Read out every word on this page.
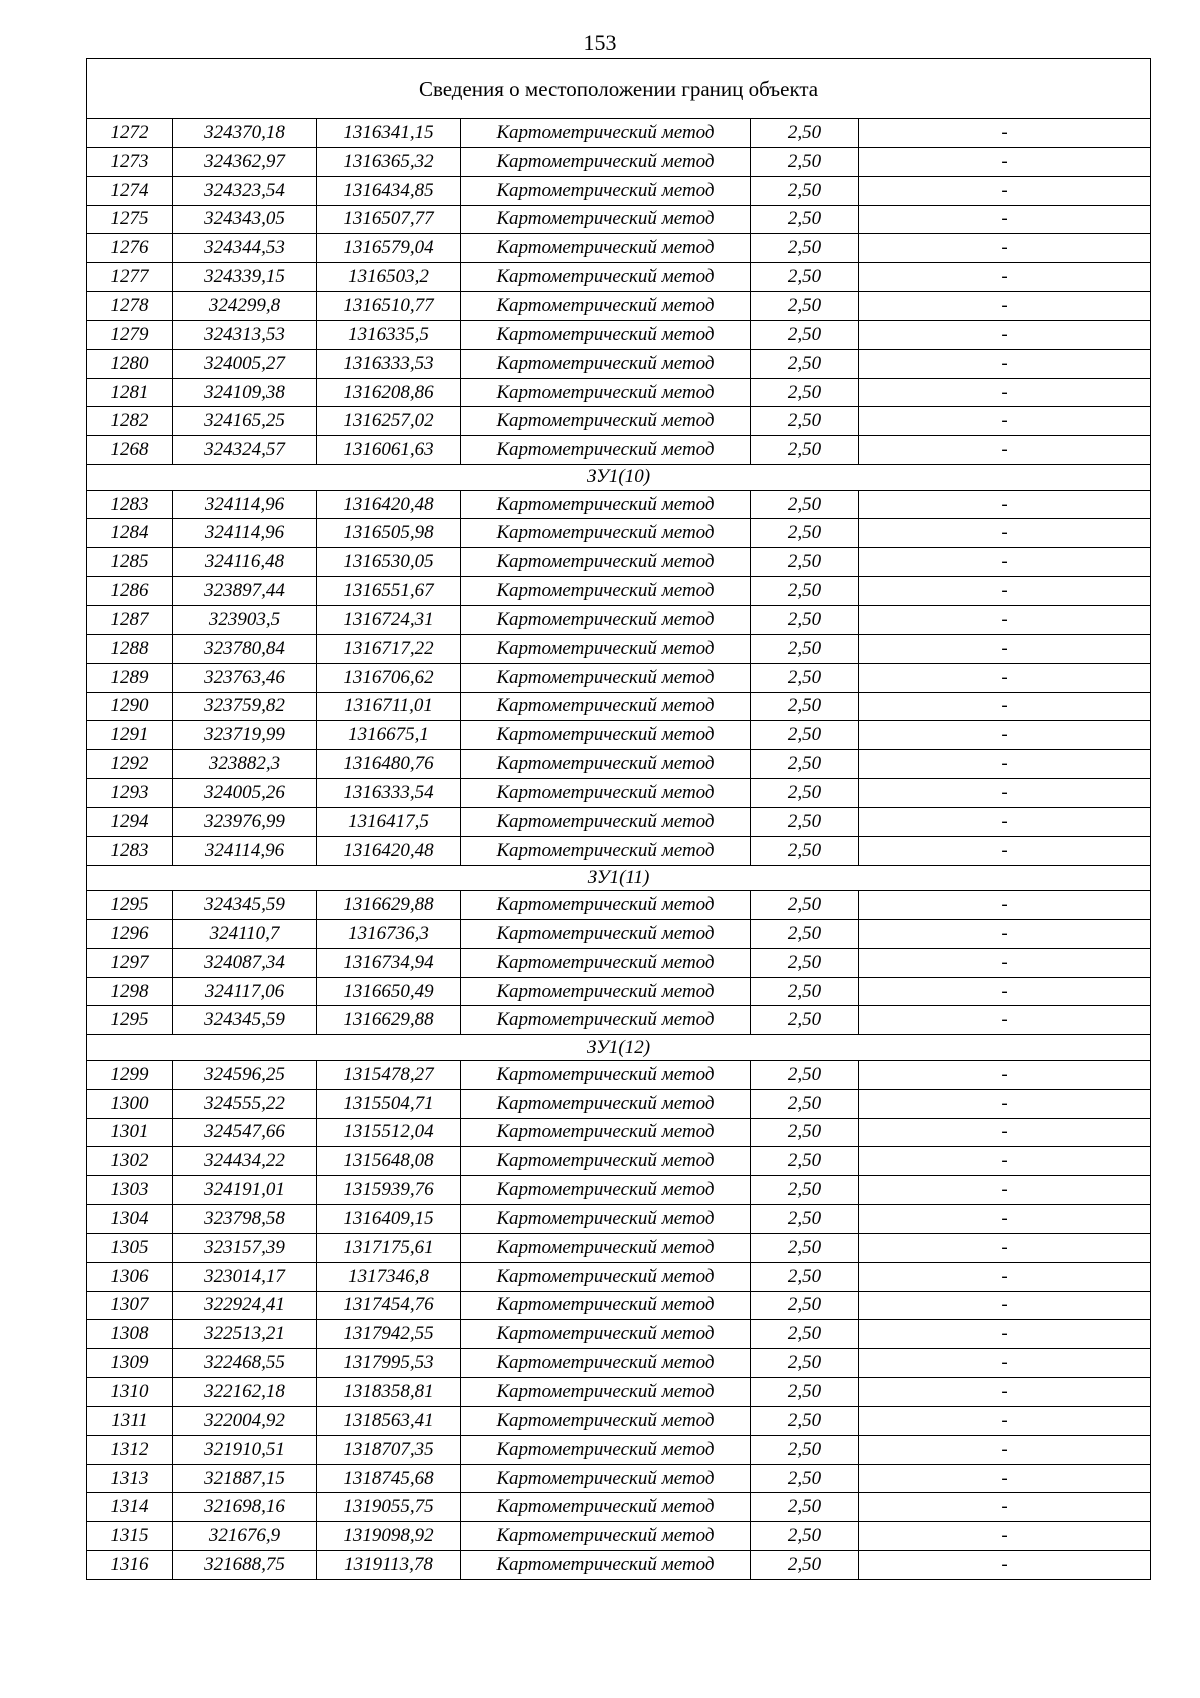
153
Сведения о местоположении границ объекта					
1272	324370,18	1316341,15	Картометрический метод	2,50	-
1273	324362,97	1316365,32	Картометрический метод	2,50	-
1274	324323,54	1316434,85	Картометрический метод	2,50	-
1275	324343,05	1316507,77	Картометрический метод	2,50	-
1276	324344,53	1316579,04	Картометрический метод	2,50	-
1277	324339,15	1316503,2	Картометрический метод	2,50	-
1278	324299,8	1316510,77	Картометрический метод	2,50	-
1279	324313,53	1316335,5	Картометрический метод	2,50	-
1280	324005,27	1316333,53	Картометрический метод	2,50	-
1281	324109,38	1316208,86	Картометрический метод	2,50	-
1282	324165,25	1316257,02	Картометрический метод	2,50	-
1268	324324,57	1316061,63	Картометрический метод	2,50	-
ЗУ1(10)					
1283	324114,96	1316420,48	Картометрический метод	2,50	-
1284	324114,96	1316505,98	Картометрический метод	2,50	-
1285	324116,48	1316530,05	Картометрический метод	2,50	-
1286	323897,44	1316551,67	Картометрический метод	2,50	-
1287	323903,5	1316724,31	Картометрический метод	2,50	-
1288	323780,84	1316717,22	Картометрический метод	2,50	-
1289	323763,46	1316706,62	Картометрический метод	2,50	-
1290	323759,82	1316711,01	Картометрический метод	2,50	-
1291	323719,99	1316675,1	Картометрический метод	2,50	-
1292	323882,3	1316480,76	Картометрический метод	2,50	-
1293	324005,26	1316333,54	Картометрический метод	2,50	-
1294	323976,99	1316417,5	Картометрический метод	2,50	-
1283	324114,96	1316420,48	Картометрический метод	2,50	-
ЗУ1(11)					
1295	324345,59	1316629,88	Картометрический метод	2,50	-
1296	324110,7	1316736,3	Картометрический метод	2,50	-
1297	324087,34	1316734,94	Картометрический метод	2,50	-
1298	324117,06	1316650,49	Картометрический метод	2,50	-
1295	324345,59	1316629,88	Картометрический метод	2,50	-
ЗУ1(12)					
1299	324596,25	1315478,27	Картометрический метод	2,50	-
1300	324555,22	1315504,71	Картометрический метод	2,50	-
1301	324547,66	1315512,04	Картометрический метод	2,50	-
1302	324434,22	1315648,08	Картометрический метод	2,50	-
1303	324191,01	1315939,76	Картометрический метод	2,50	-
1304	323798,58	1316409,15	Картометрический метод	2,50	-
1305	323157,39	1317175,61	Картометрический метод	2,50	-
1306	323014,17	1317346,8	Картометрический метод	2,50	-
1307	322924,41	1317454,76	Картометрический метод	2,50	-
1308	322513,21	1317942,55	Картометрический метод	2,50	-
1309	322468,55	1317995,53	Картометрический метод	2,50	-
1310	322162,18	1318358,81	Картометрический метод	2,50	-
1311	322004,92	1318563,41	Картометрический метод	2,50	-
1312	321910,51	1318707,35	Картометрический метод	2,50	-
1313	321887,15	1318745,68	Картометрический метод	2,50	-
1314	321698,16	1319055,75	Картометрический метод	2,50	-
1315	321676,9	1319098,92	Картометрический метод	2,50	-
1316	321688,75	1319113,78	Картометрический метод	2,50	-
